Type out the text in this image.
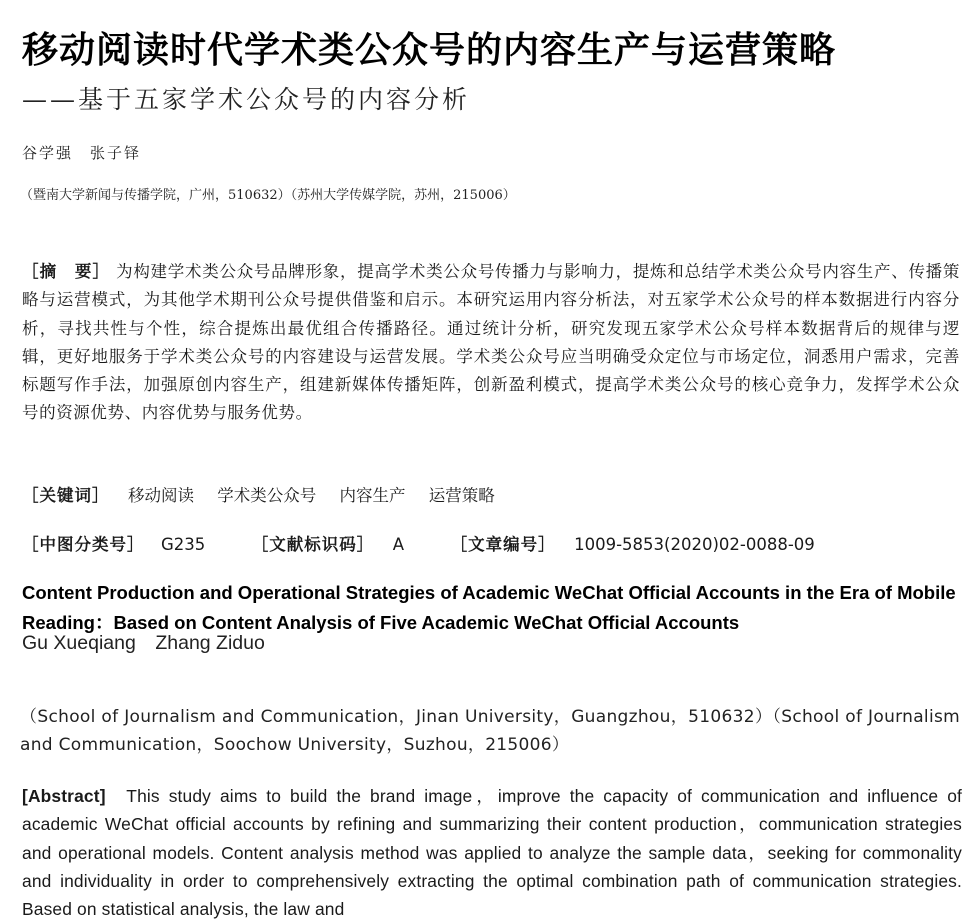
移动阅读时代学术类公众号的内容生产与运营策略
——基于五家学术公众号的内容分析
谷学强　张子铎
（暨南大学新闻与传播学院，广州，510632）（苏州大学传媒学院，苏州，215006）
［摘　要］ 为构建学术类公众号品牌形象，提高学术类公众号传播力与影响力，提炼和总结学术类公众号内容生产、传播策略与运营模式，为其他学术期刊公众号提供借鉴和启示。本研究运用内容分析法，对五家学术公众号的样本数据进行内容分析，寻找共性与个性，综合提炼出最优组合传播路径。通过统计分析，研究发现五家学术公众号样本数据背后的规律与逻辑，更好地服务于学术类公众号的内容建设与运营发展。学术类公众号应当明确受众定位与市场定位，洞悉用户需求，完善标题写作手法，加强原创内容生产，组建新媒体传播矩阵，创新盈利模式，提高学术类公众号的核心竞争力，发挥学术公众号的资源优势、内容优势与服务优势。
［关键词］ 移动阅读 学术类公众号 内容生产 运营策略
［中图分类号］ G235	［文献标识码］ A	［文章编号］ 1009-5853(2020)02-0088-09
Content Production and Operational Strategies of Academic WeChat Official Accounts in the Era of Mobile Reading：Based on Content Analysis of Five Academic WeChat Official Accounts
Gu Xueqiang　Zhang Ziduo
（School of Journalism and Communication，Jinan University，Guangzhou，510632）（School of Journalism and Communication，Soochow University，Suzhou，215006）
[Abstract] This study aims to build the brand image，improve the capacity of communication and influence of academic WeChat official accounts by refining and summarizing their content production，communication strategies and operational models. Content analysis method was applied to analyze the sample data，seeking for commonality and individuality in order to comprehensively extracting the optimal combination path of communication strategies. Based on statistical analysis, the law and
